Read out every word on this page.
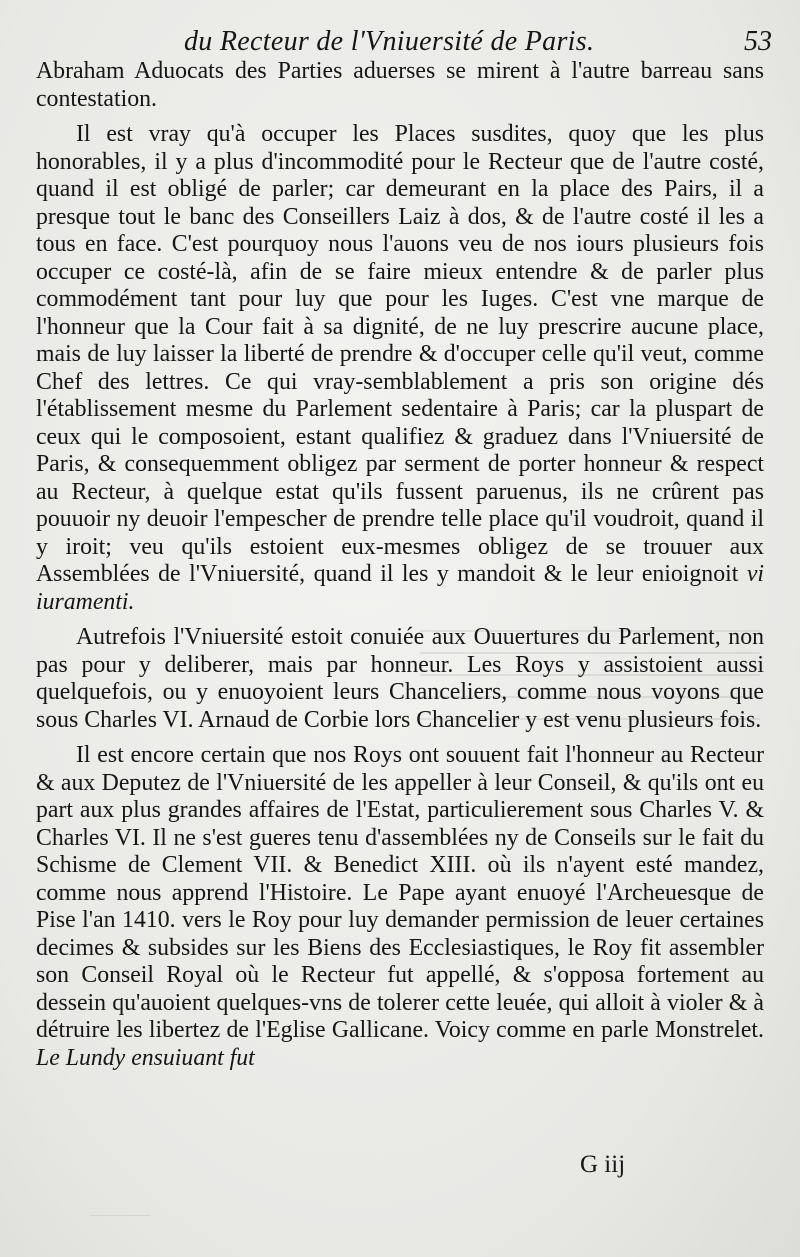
du Recteur de l'Vniuersité de Paris.	53

Abraham Aduocats des Parties aduerses se mirent à l'autre barreau sans contestation.

Il est vray qu'à occuper les Places susdites, quoy que les plus honorables, il y a plus d'incommodité pour le Recteur que de l'autre costé, quand il est obligé de parler; car demeurant en la place des Pairs, il a presque tout le banc des Conseillers Laiz à dos, & de l'autre costé il les a tous en face. C'est pourquoy nous l'auons veu de nos iours plusieurs fois occuper ce costé-là, afin de se faire mieux entendre & de parler plus commodément tant pour luy que pour les Iuges. C'est vne marque de l'honneur que la Cour fait à sa dignité, de ne luy prescrire aucune place, mais de luy laisser la liberté de prendre & d'occuper celle qu'il veut, comme Chef des lettres. Ce qui vray-semblablement a pris son origine dés l'établissement mesme du Parlement sedentaire à Paris; car la pluspart de ceux qui le composoient, estant qualifiez & graduez dans l'Vniuersité de Paris, & consequemment obligez par serment de porter honneur & respect au Recteur, à quelque estat qu'ils fussent paruenus, ils ne crûrent pas pouuoir ny deuoir l'empescher de prendre telle place qu'il voudroit, quand il y iroit; veu qu'ils estoient eux-mesmes obligez de se trouuer aux Assemblées de l'Vniuersité, quand il les y mandoit & le leur enioignoit vi iuramenti.

Autrefois l'Vniuersité estoit conuiée aux Ouuertures du Parlement, non pas pour y deliberer, mais par honneur. Les Roys y assistoient aussi quelquefois, ou y enuoyoient leurs Chanceliers, comme nous voyons que sous Charles VI. Arnaud de Corbie lors Chancelier y est venu plusieurs fois.

Il est encore certain que nos Roys ont souuent fait l'honneur au Recteur & aux Deputez de l'Vniuersité de les appeller à leur Conseil, & qu'ils ont eu part aux plus grandes affaires de l'Estat, particulierement sous Charles V. & Charles VI. Il ne s'est gueres tenu d'assemblées ny de Conseils sur le fait du Schisme de Clement VII. & Benedict XIII. où ils n'ayent esté mandez, comme nous apprend l'Histoire. Le Pape ayant enuoyé l'Archeuesque de Pise l'an 1410. vers le Roy pour luy demander permission de leuer certaines decimes & subsides sur les Biens des Ecclesiastiques, le Roy fit assembler son Conseil Royal où le Recteur fut appellé, & s'opposa fortement au dessein qu'auoient quelques-vns de tolerer cette leuée, qui alloit à violer & à détruire les libertez de l'Eglise Gallicane. Voicy comme en parle Monstrelet. Le Lundy ensuiuant fut

G iij
